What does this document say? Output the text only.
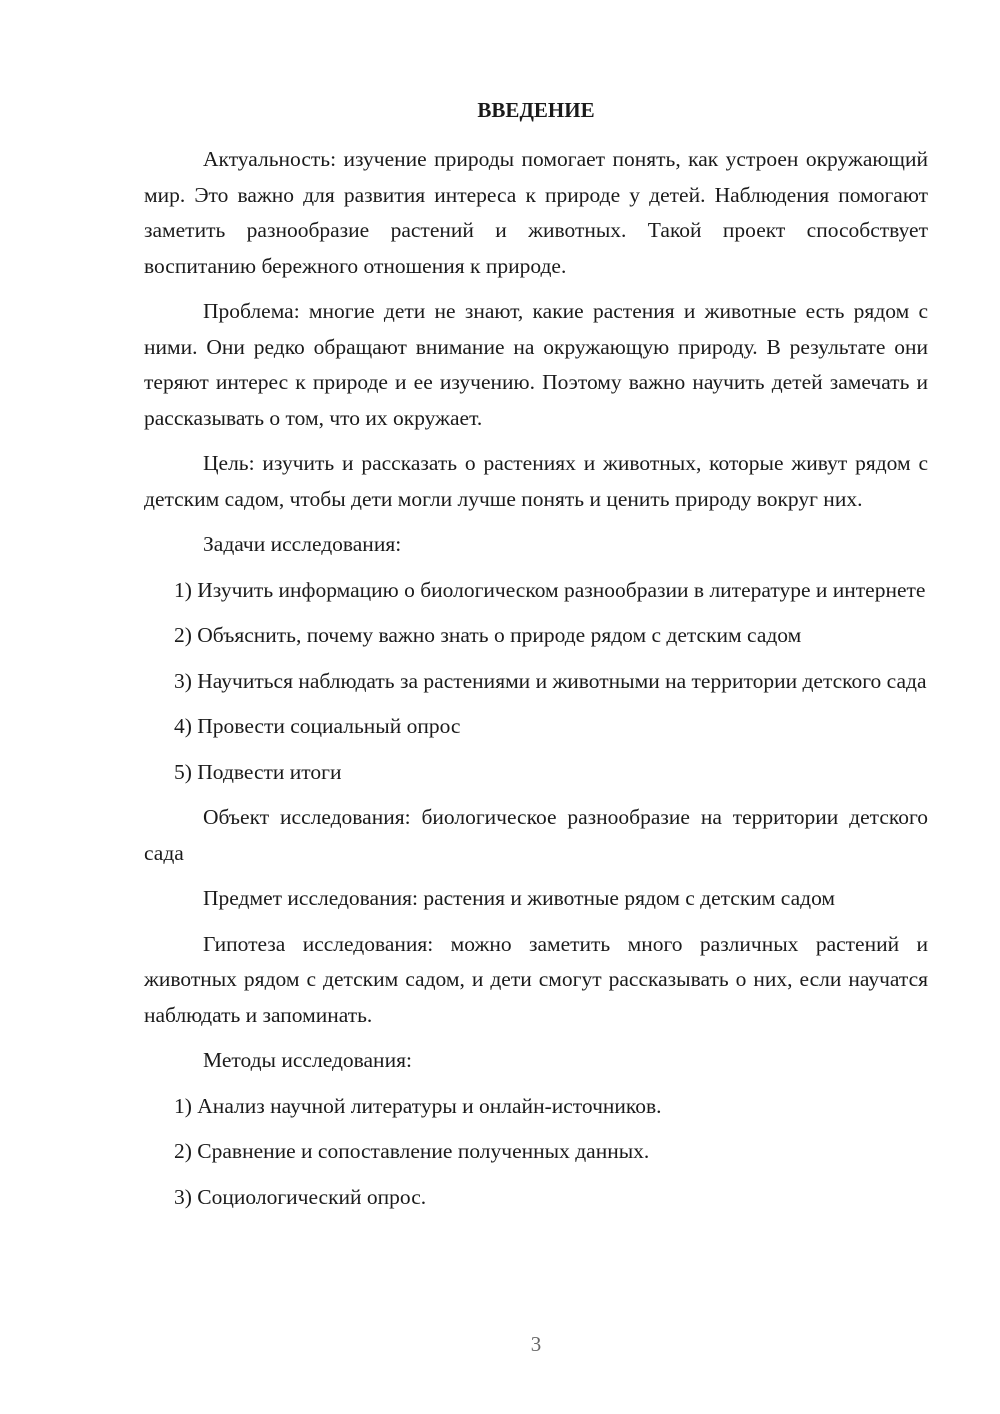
ВВЕДЕНИЕ

Актуальность: изучение природы помогает понять, как устроен окружающий мир. Это важно для развития интереса к природе у детей. Наблюдения помогают заметить разнообразие растений и животных. Такой проект способствует воспитанию бережного отношения к природе.

Проблема: многие дети не знают, какие растения и животные есть рядом с ними. Они редко обращают внимание на окружающую природу. В результате они теряют интерес к природе и ее изучению. Поэтому важно научить детей замечать и рассказывать о том, что их окружает.

Цель: изучить и рассказать о растениях и животных, которые живут рядом с детским садом, чтобы дети могли лучше понять и ценить природу вокруг них.

Задачи исследования:

1) Изучить информацию о биологическом разнообразии в литературе и интернете

2) Объяснить, почему важно знать о природе рядом с детским садом

3) Научиться наблюдать за растениями и животными на территории детского сада

4) Провести социальный опрос

5) Подвести итоги

Объект исследования: биологическое разнообразие на территории детского сада

Предмет исследования: растения и животные рядом с детским садом

Гипотеза исследования: можно заметить много различных растений и животных рядом с детским садом, и дети смогут рассказывать о них, если научатся наблюдать и запоминать.

Методы исследования:

1) Анализ научной литературы и онлайн-источников.

2) Сравнение и сопоставление полученных данных.

3) Социологический опрос.

3
